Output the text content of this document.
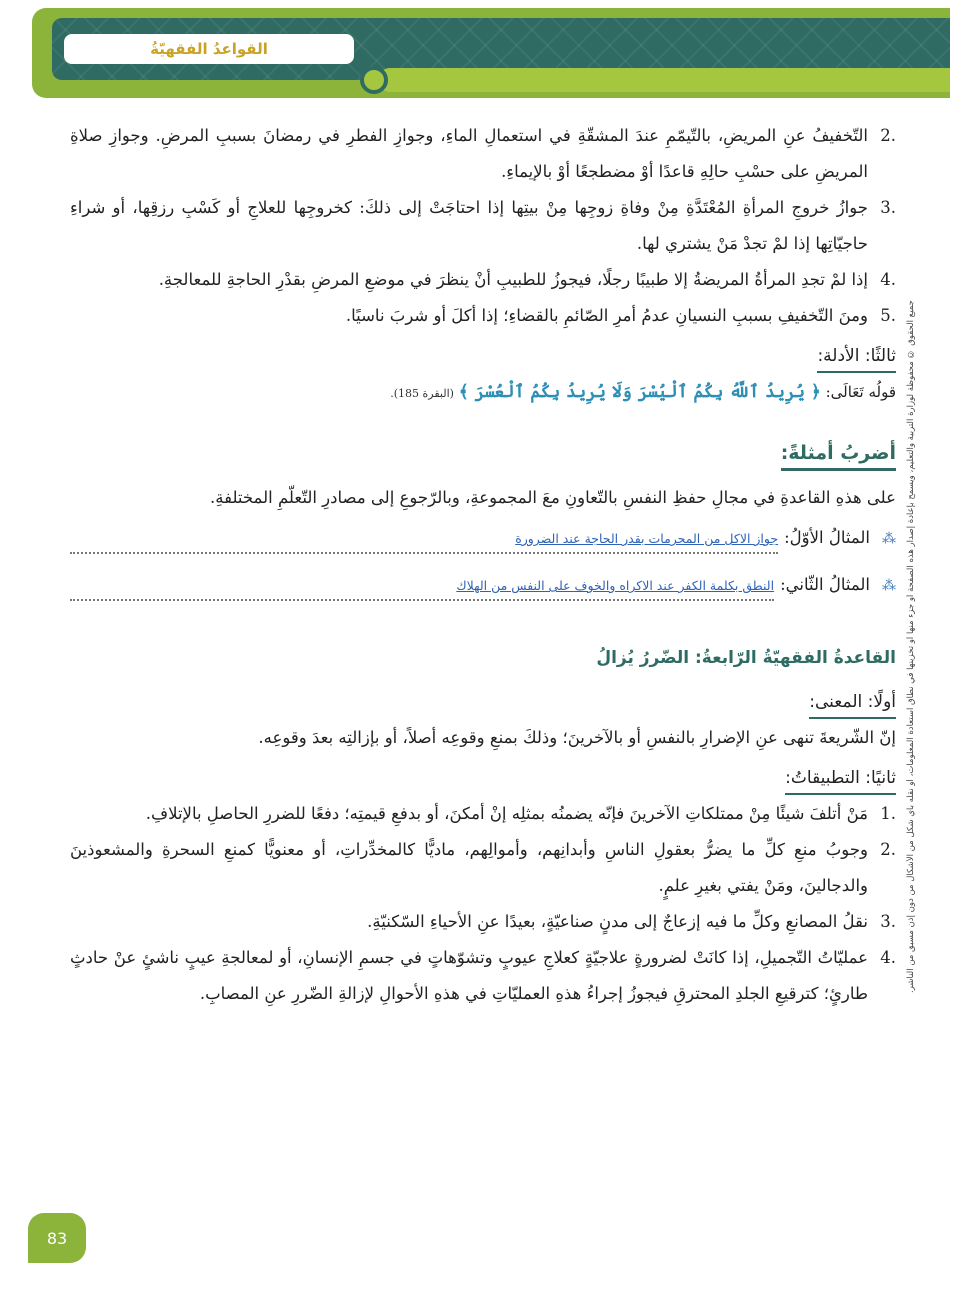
القواعدُ الفقهيّةُ
جميع الحقوق © محفوظة لوزارة التربية والتعليم، ويسمح بإعادة إصدار هذه الصفحة أو جزء منها أو تخزينها في نطاق استعادة المعلومات، أو نقله بأي شكل من الأشكال من دون إذن مسبق من الناشر.
.2
التّخفيفُ عنِ المريضِ، بالتّيمّمِ عندَ المشقّةِ في استعمالِ الماءِ، وجوازِ الفطرِ في رمضانَ بسببِ المرضِ. وجوازِ صلاةِ المريضِ على حسْبِ حالِهِ قاعدًا أوْ مضطجعًا أوْ بالإيماءِ.
.3
جوازُ خروجِ المرأةِ المُعْتَدَّةِ مِنْ وفاةِ زوجِها مِنْ بيتِها إذا احتاجَتْ إلى ذلكَ: كخروجِها للعلاجِ أو كَسْبِ رزقِها، أو شراءِ حاجيّاتِها إذا لمْ تجدْ مَنْ يشتري لها.
.4
إذا لمْ تجدِ المرأةُ المريضةُ إلا طبيبًا رجلًا، فيجوزُ للطبيبِ أنْ ينظرَ في موضعِ المرضِ بقدْرِ الحاجةِ للمعالجةِ.
.5
ومنَ التّخفيفِ بسببِ النسيانِ عدمُ أمرِ الصّائمِ بالقضاءِ؛ إذا أكلَ أو شربَ ناسيًا.
ثالثًا: الأدلة:
قولُه تَعَالَى: ﴿ يُرِيدُ ٱللَّهُ بِكُمُ ٱلْيُسْرَ وَلَا يُرِيدُ بِكُمُ ٱلْعُسْرَ ﴾ (البقرة 185).
أضربُ أمثلةً:
على هذهِ القاعدةِ في مجالِ حفظِ النفسِ بالتّعاونِ معَ المجموعةِ، وبالرّجوعِ إلى مصادرِ التّعلّمِ المختلفةِ.
⁂
المثالُ الأوّلُ:
جواز الاكل من المحرمات بقدر الحاجة عند الضرورة
⁂
المثالُ الثّاني:
النطق بكلمة الكفر عند الاكراه والخوف على النفس من الهلاك
القاعدةُ الفقهيّةُ الرّابعةُ: الضّررُ يُزالُ
أولًا: المعنى:
إنّ الشّريعةَ تنهى عنِ الإضرارِ بالنفسِ أو بالآخرينَ؛ وذلكَ بمنعِ وقوعِه أصلاً، أو بإزالتِه بعدَ وقوعِه.
ثانيًا: التطبيقاتُ:
.1
مَنْ أتلفَ شيئًا مِنْ ممتلكاتِ الآخرينَ فإنّه يضمنُه بمثلِه إنْ أمكنَ، أو بدفعِ قيمتِه؛ دفعًا للضررِ الحاصلِ بالإتلافِ.
.2
وجوبُ منعِ كلِّ ما يضرُّ بعقولِ الناسِ وأبدانِهم، وأموالِهم، ماديًّا كالمخدِّراتِ، أو معنويًّا كمنعِ السحرةِ والمشعوذينَ والدجالينَ، ومَنْ يفتي بغيرِ علمٍ.
.3
نقلُ المصانعِ وكلِّ ما فيه إزعاجٌ إلى مدنٍ صناعيّةٍ، بعيدًا عنِ الأحياءِ السّكنيّةِ.
.4
عمليّاتُ التّجميلِ، إذا كانَتْ لضرورةٍ علاجيّةٍ كعلاجِ عيوبٍ وتشوّهاتٍ في جسمِ الإنسانِ، أو لمعالجةِ عيبٍ ناشئٍ عنْ حادثٍ طارئٍ؛ كترقيعِ الجلدِ المحترقِ فيجوزُ إجراءُ هذهِ العمليّاتِ في هذهِ الأحوالِ لإزالةِ الضّررِ عنِ المصابِ.
83
